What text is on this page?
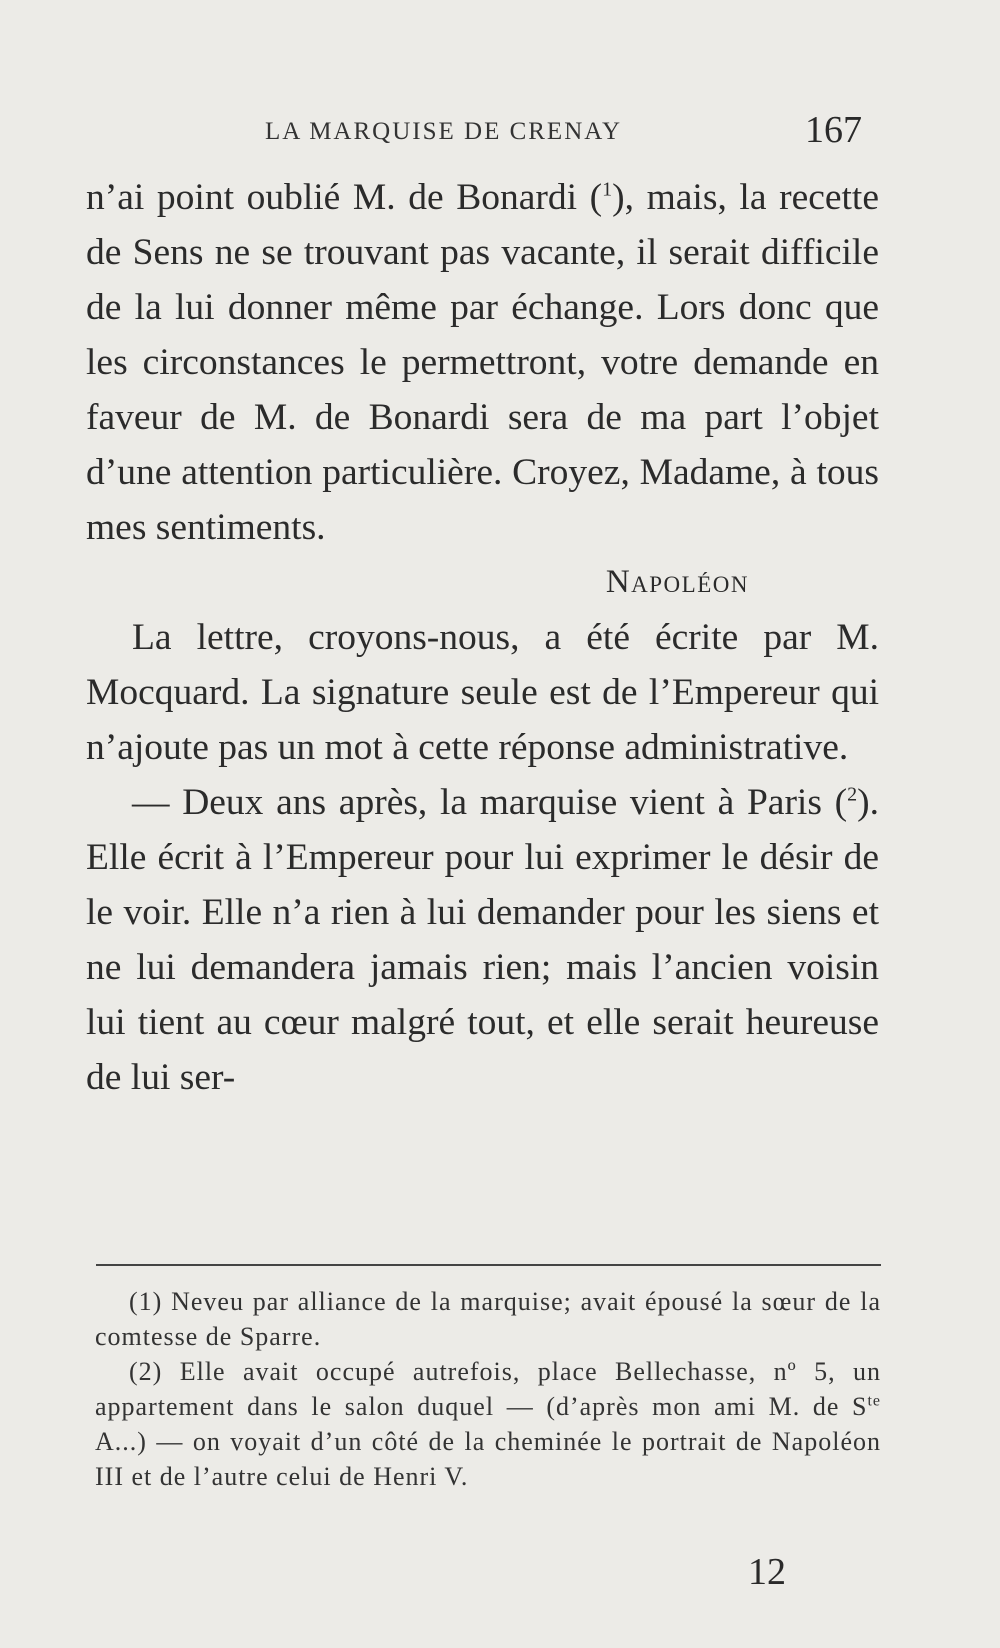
LA MARQUISE DE CRENAY	167

n’ai point oublié M. de Bonardi ($^1$), mais, la recette de Sens ne se trouvant pas vacante, il serait difficile de la lui donner même par échange. Lors donc que les circonstances le permettront, votre demande en faveur de M. de Bonardi sera de ma part l’objet d’une attention particulière. Croyez, Madame, à tous mes sentiments.

Napoléon

La lettre, croyons-nous, a été écrite par M. Mocquard. La signature seule est de l’Empereur qui n’ajoute pas un mot à cette réponse administrative.

— Deux ans après, la marquise vient à Paris ($^2$). Elle écrit à l’Empereur pour lui exprimer le désir de le voir. Elle n’a rien à lui demander pour les siens et ne lui demandera jamais rien; mais l’ancien voisin lui tient au cœur malgré tout, et elle serait heureuse de lui ser-

(1) Neveu par alliance de la marquise; avait épousé la sœur de la comtesse de Sparre.

(2) Elle avait occupé autrefois, place Bellechasse, nº 5, un appartement dans le salon duquel — (d’après mon ami M. de $S^{te}$ A...) — on voyait d’un côté de la cheminée le portrait de Napoléon III et de l’autre celui de Henri V.

12
